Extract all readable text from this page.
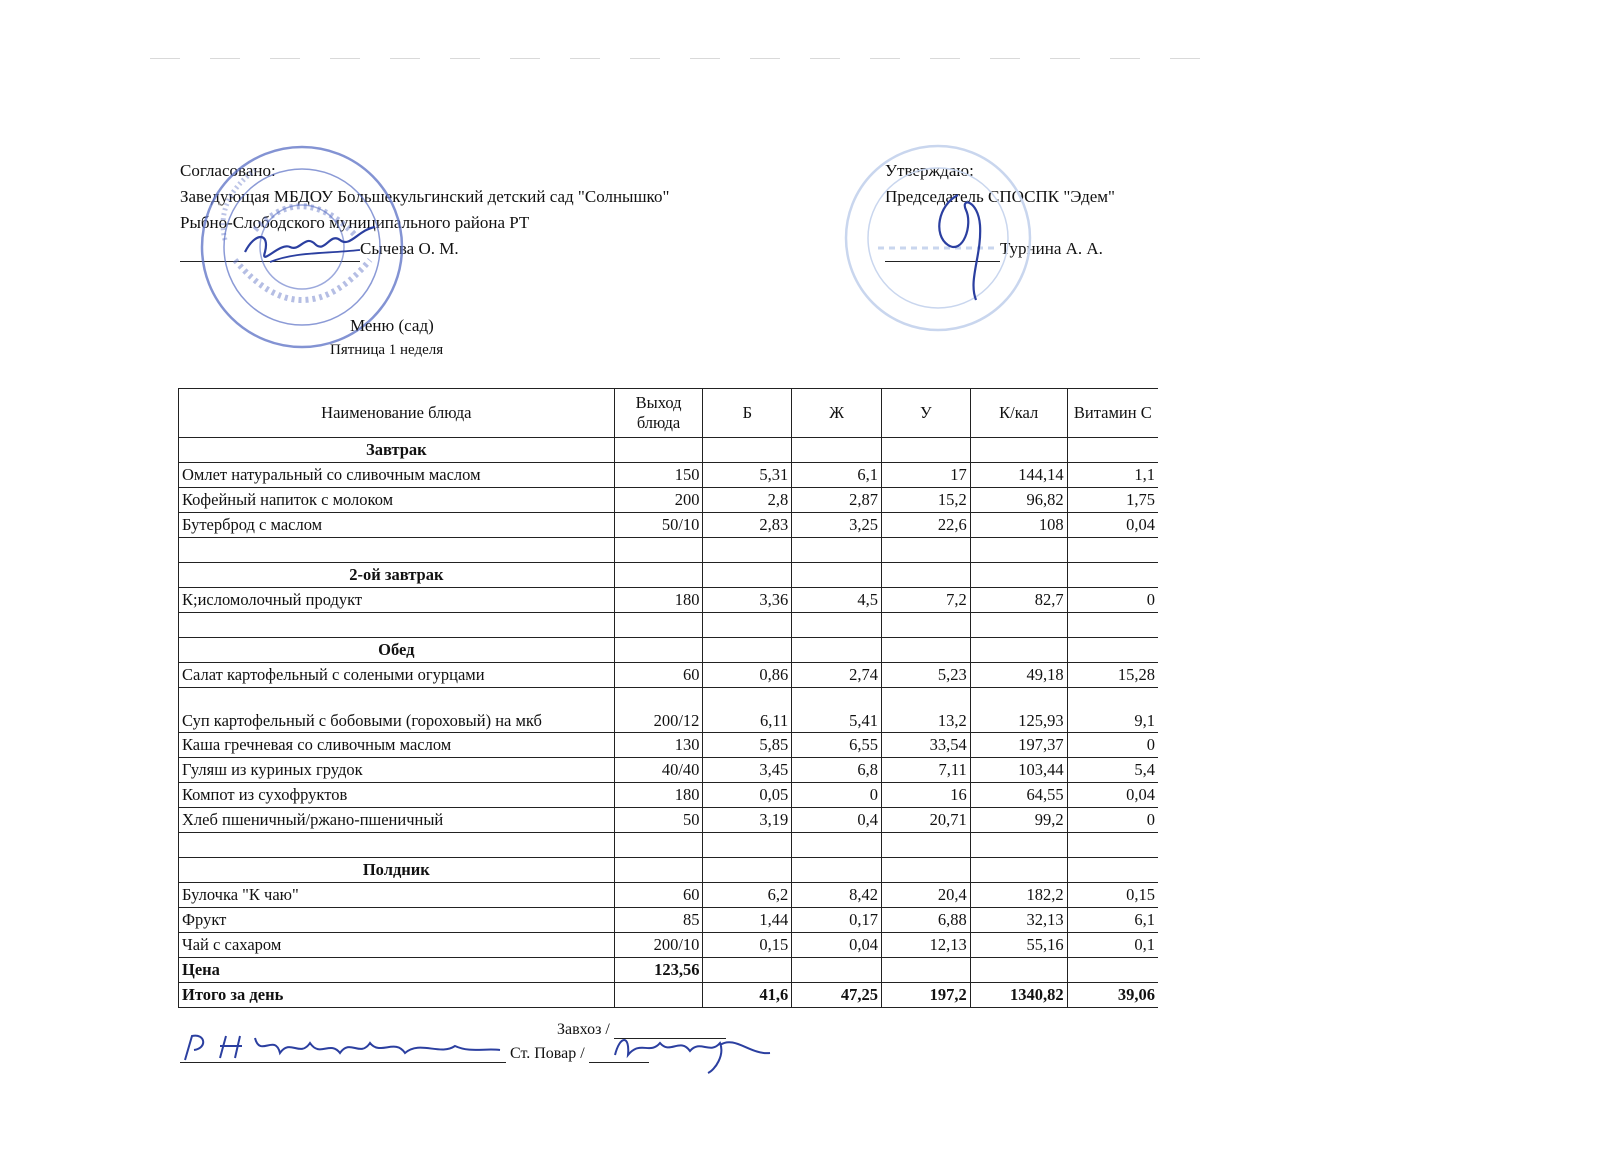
Согласовано:
Заведующая МБДОУ Большекульгинский детский сад "Солнышко"
Рыбно-Слободского муниципального района РТ
Сычева О. М.
Утверждаю:
Председатель СПОСПК "Эдем"
Турнина А. А.
Меню (сад)
Пятница 1 неделя
Наименование блюда	Выход блюда	Б	Ж	У	К/кал	Витамин С
Завтрак						
Омлет натуральный со сливочным маслом	150	5,31	6,1	17	144,14	1,1
Кофейный напиток с молоком	200	2,8	2,87	15,2	96,82	1,75
Бутерброд с маслом	50/10	2,83	3,25	22,6	108	0,04

2-ой завтрак						
К;исломолочный продукт	180	3,36	4,5	7,2	82,7	0

Обед						
Салат картофельный с солеными огурцами	60	0,86	2,74	5,23	49,18	15,28
Суп картофельный с бобовыми (гороховый) на мкб	200/12	6,11	5,41	13,2	125,93	9,1
Каша гречневая со сливочным маслом	130	5,85	6,55	33,54	197,37	0
Гуляш из куриных грудок	40/40	3,45	6,8	7,11	103,44	5,4
Компот из сухофруктов	180	0,05	0	16	64,55	0,04
Хлеб пшеничный/ржано-пшеничный	50	3,19	0,4	20,71	99,2	0

Полдник						
Булочка "К чаю"	60	6,2	8,42	20,4	182,2	0,15
Фрукт	85	1,44	0,17	6,88	32,13	6,1
Чай с сахаром	200/10	0,15	0,04	12,13	55,16	0,1
Цена	123,56					
Итого за день		41,6	47,25	197,2	1340,82	39,06
Завхоз /
Ст. Повар /
